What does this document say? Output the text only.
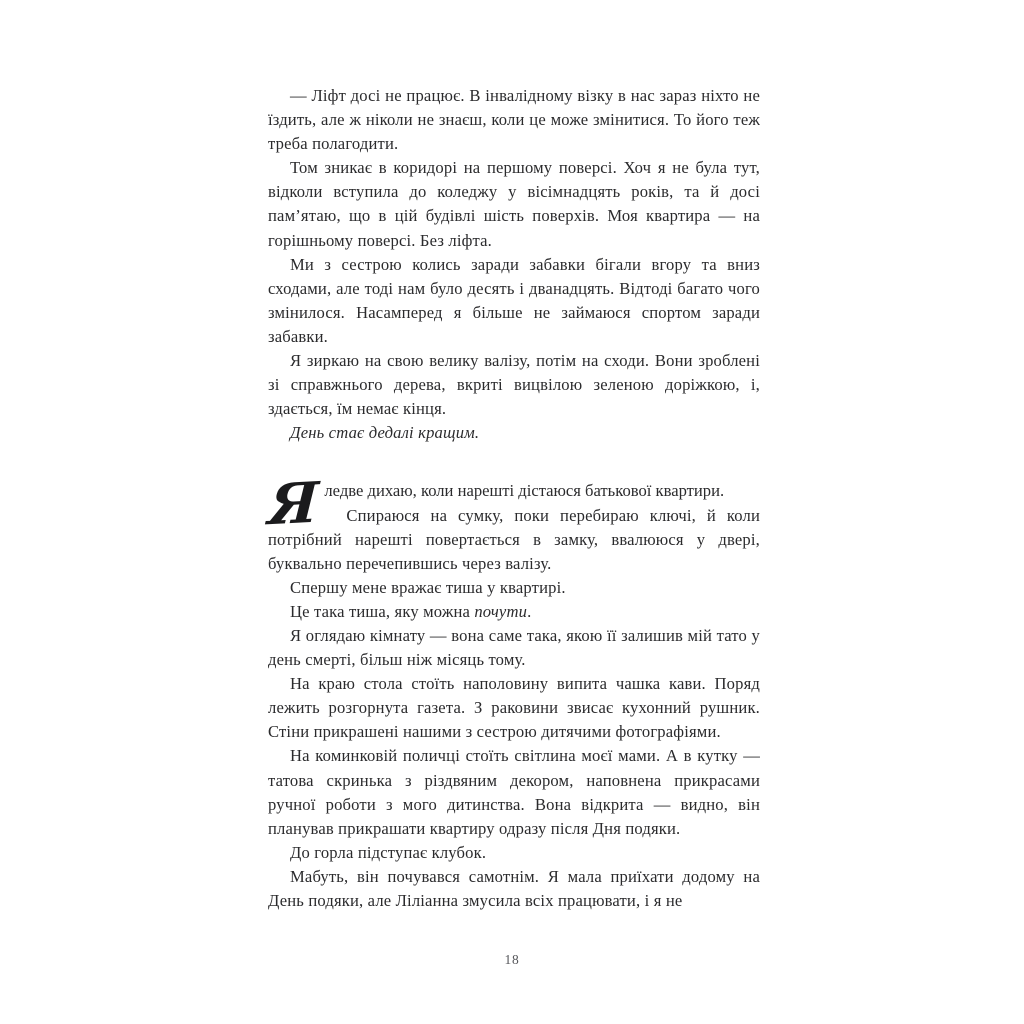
— Ліфт досі не працює. В інвалідному візку в нас зараз ніхто не їздить, але ж ніколи не знаєш, коли це може змінитися. То його теж треба полагодити.

Том зникає в коридорі на першому поверсі. Хоч я не була тут, відколи вступила до коледжу у вісімнадцять років, та й досі пам’ятаю, що в цій будівлі шість поверхів. Моя квартира — на горішньому поверсі. Без ліфта.

Ми з сестрою колись заради забавки бігали вгору та вниз сходами, але тоді нам було десять і дванадцять. Відтоді багато чого змінилося. Насамперед я більше не займаюся спортом заради забавки.

Я зиркаю на свою велику валізу, потім на сходи. Вони зроблені зі справжнього дерева, вкриті вицвілою зеленою доріжкою, і, здається, їм немає кінця.

День стає дедалі кращим.

Я ледве дихаю, коли нарешті дістаюся батькової квартири.

Спираюся на сумку, поки перебираю ключі, й коли потрібний нарешті повертається в замку, ввалююся у двері, буквально перечепившись через валізу.

Спершу мене вражає тиша у квартирі.

Це така тиша, яку можна почути.

Я оглядаю кімнату — вона саме така, якою її залишив мій тато у день смерті, більш ніж місяць тому.

На краю стола стоїть наполовину випита чашка кави. Поряд лежить розгорнута газета. З раковини звисає кухонний рушник. Стіни прикрашені нашими з сестрою дитячими фотографіями.

На коминковій поличці стоїть світлина моєї мами. А в кутку — татова скринька з різдвяним декором, наповнена прикрасами ручної роботи з мого дитинства. Вона відкрита — видно, він планував прикрашати квартиру одразу після Дня подяки.

До горла підступає клубок.

Мабуть, він почувався самотнім. Я мала приїхати додому на День подяки, але Ліліанна змусила всіх працювати, і я не

18
